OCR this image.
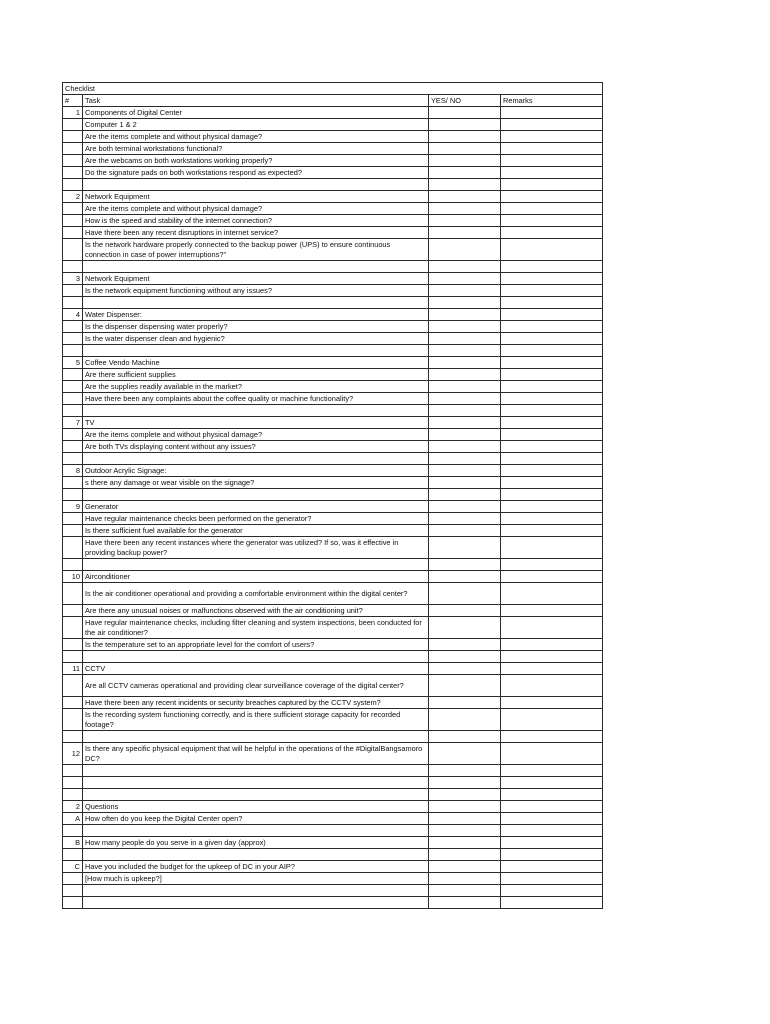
Checklist			
#	Task	YES/ NO	Remarks
1	Components of Digital Center		
	Computer 1 & 2		
	Are the items complete and without physical damage?		
	Are both terminal workstations functional?		
	Are the webcams on both workstations working properly?		
	Do the signature pads on both workstations respond as expected?		

2	Network Equipment		
	Are the items complete and without physical damage?		
	How is the speed and stability of the internet connection?		
	Have there been any recent disruptions in internet service?		
	Is the network hardware properly connected to the backup power (UPS) to ensure continuous connection in case of power interruptions?"		

3	Network Equipment		
	Is the network equipment functioning without any issues?		

4	Water Dispenser:		
	Is the dispenser dispensing water properly?		
	Is the water dispenser clean and hygienic?		

5	Coffee Vendo Machine		
	Are there sufficient supplies		
	Are the supplies readily available in the market?		
	Have there been any complaints about the coffee quality or machine functionality?		

7	TV		
	Are the items complete and without physical damage?		
	Are both TVs displaying content without any issues?		

8	Outdoor Acrylic Signage:		
	s there any damage or wear visible on the signage?		

9	Generator		
	Have regular maintenance checks been performed on the generator?		
	Is there sufficient fuel available for the generator		
	Have there been any recent instances where the generator was utilized? If so, was it effective in providing backup power?		

10	Airconditioner		
	Is the air conditioner operational and providing a comfortable environment within the digital center?		
	Are there any unusual noises or malfunctions observed with the air conditioning unit?		
	Have regular maintenance checks, including filter cleaning and system inspections, been conducted for the air conditioner?		
	Is the temperature set to an appropriate level for the comfort of users?		

11	CCTV		
	Are all CCTV cameras operational and providing clear surveillance coverage of the digital center?		
	Have there been any recent incidents or security breaches captured by the CCTV system?		
	Is the recording system functioning correctly, and is there sufficient storage capacity for recorded footage?		

12	Is there any specific physical equipment that will be helpful in the operations of the #DigitalBangsamoro DC?		

2	Questions		
A	How often do you keep the Digital Center open?		

B	How many people do you serve in a given day (approx)		

C	Have you included the budget for the upkeep of DC in your AIP?		
	[How much is upkeep?]		
